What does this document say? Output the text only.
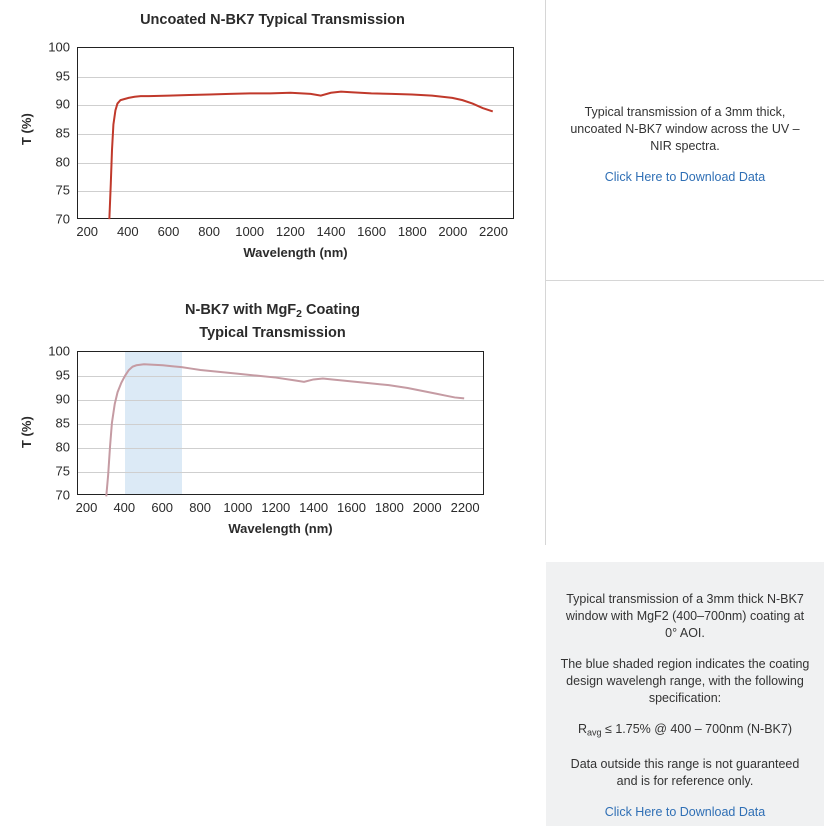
Uncoated N-BK7 Typical Transmission
T (%)
100
95
90
85
80
75
70
200 400 600 800 1000 1200 1400 1600 1800 2000 2200
Wavelength (nm)

Typical transmission of a 3mm thick, uncoated N-BK7 window across the UV – NIR spectra.

Click Here to Download Data
N-BK7 with MgF$_2$ Coating
Typical Transmission
T (%)
100
95
90
85
80
75
70
200 400 600 800 1000 1200 1400 1600 1800 2000 2200
Wavelength (nm)

Typical transmission of a 3mm thick N-BK7 window with MgF2 (400–700nm) coating at 0° AOI.

The blue shaded region indicates the coating design wavelengh range, with the following specification:

$R_{avg} \le 1.75\%$ @ 400 – 700nm (N-BK7)

Data outside this range is not guaranteed and is for reference only.

Click Here to Download Data
